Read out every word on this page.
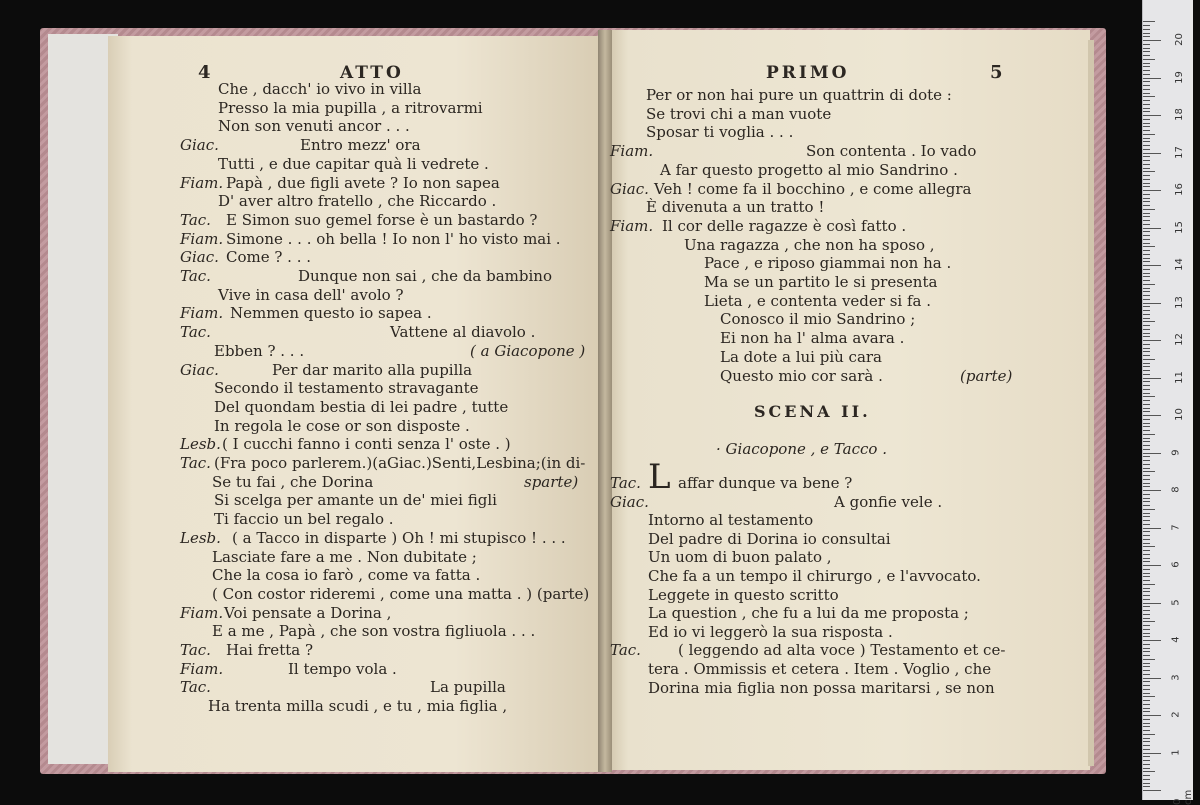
4	ATTO	PRIMO	5
Che , dacch' io vivo in villa
Presso la mia pupilla , a ritrovarmi
Non son venuti ancor . . .
Giac.	Entro mezz' ora
Tutti , e due capitar quà li vedrete .
Fiam. Papà , due figli avete ? Io non sapea
D' aver altro fratello , che Riccardo .
Tac. E Simon suo gemel forse è un bastardo ?
Fiam. Simone . . . oh bella ! Io non l' ho visto mai .
Giac. Come ? . . .
Tac.	Dunque non sai , che da bambino
Vive in casa dell' avolo ?
Fiam. Nemmen questo io sapea .
Tac.	Vattene al diavolo .
Ebben ? . . .	( a Giacopone )
Giac.	Per dar marito alla pupilla
Secondo il testamento stravagante
Del quondam bestia di lei padre , tutte
In regola le cose or son disposte .
Lesb. ( I cucchi fanno i conti senza l' oste . )
Tac. (Fra poco parlerem.)(aGiac.)Senti,Lesbina;(in di-
Se tu fai , che Dorina	sparte)
Si scelga per amante un de' miei figli
Ti faccio un bel regalo .
Lesb. ( a Tacco in disparte ) Oh ! mi stupisco ! . . .
Lasciate fare a me . Non dubitate ;
Che la cosa io farò , come va fatta .
( Con costor rideremi , come una matta . ) (parte)
Fiam. Voi pensate a Dorina ,
E a me , Papà , che son vostra figliuola . . .
Tac. Hai fretta ?
Fiam.	Il tempo vola .
Tac.	La pupilla
Ha trenta milla scudi , e tu , mia figlia ,
Per or non hai pure un quattrin di dote :
Se trovi chi a man vuote
Sposar ti voglia . . .
Fiam.	Son contenta . Io vado
A far questo progetto al mio Sandrino .
Giac. Veh ! come fa il bocchino , e come allegra
È divenuta a un tratto !
Fiam. Il cor delle ragazze è così fatto .
Una ragazza , che non ha sposo ,
Pace , e riposo giammai non ha .
Ma se un partito le si presenta
Lieta , e contenta veder si fa .
Conosco il mio Sandrino ;
Ei non ha l' alma avara .
La dote a lui più cara
Questo mio cor sarà .	(parte)
Tac. affar dunque va bene ?
Giac.	A gonfie vele .
Intorno al testamento
Del padre di Dorina io consultai
Un uom di buon palato ,
Che fa a un tempo il chirurgo , e l'avvocato.
Leggete in questo scritto
La question , che fu a lui da me proposta ;
Ed io vi leggerò la sua risposta .
Tac. ( leggendo ad alta voce ) Testamento et ce-
tera . Ommissis et cetera . Item . Voglio , che
Dorina mia figlia non possa maritarsi , se non
SCENA II.
· Giacopone , e Tacco .
L
0 cm
1
2
3
4
5
6
7
8
9
10
11
12
13
14
15
16
17
18
19
20
